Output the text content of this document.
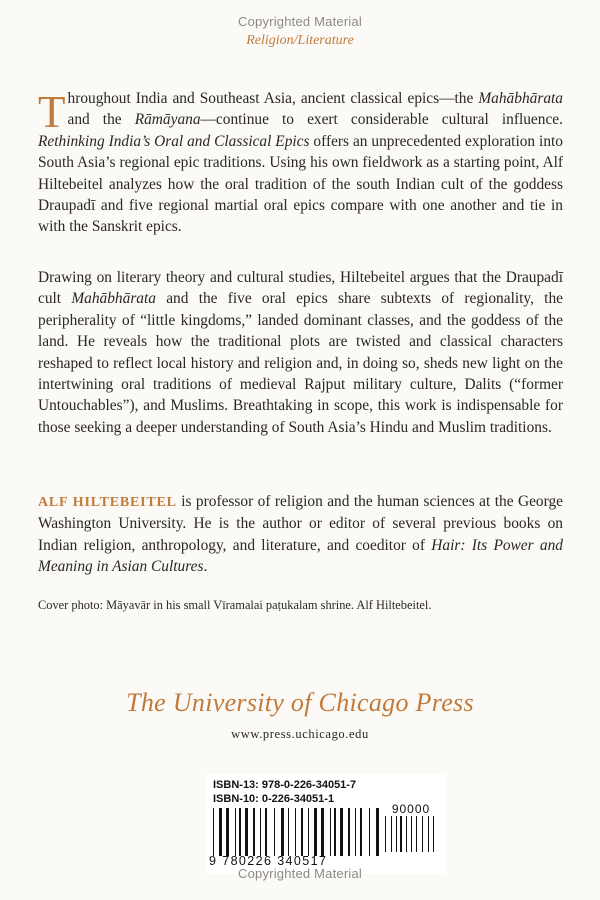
Copyrighted Material
Religion/Literature

Throughout India and Southeast Asia, ancient classical epics—the Mahābhārata and the Rāmāyana—continue to exert considerable cultural influence. Rethinking India’s Oral and Classical Epics offers an unprecedented exploration into South Asia’s regional epic traditions. Using his own fieldwork as a starting point, Alf Hiltebeitel analyzes how the oral tradition of the south Indian cult of the goddess Draupadī and five regional martial oral epics compare with one another and tie in with the Sanskrit epics.

Drawing on literary theory and cultural studies, Hiltebeitel argues that the Draupadī cult Mahābhārata and the five oral epics share subtexts of regionality, the peripherality of “little kingdoms,” landed dominant classes, and the goddess of the land. He reveals how the traditional plots are twisted and classical characters reshaped to reflect local history and religion and, in doing so, sheds new light on the intertwining oral traditions of medieval Rajput military culture, Dalits (“former Untouchables”), and Muslims. Breathtaking in scope, this work is indispensable for those seeking a deeper understanding of South Asia’s Hindu and Muslim traditions.

ALF HILTEBEITEL is professor of religion and the human sciences at the George Washington University. He is the author or editor of several previous books on Indian religion, anthropology, and literature, and coeditor of Hair: Its Power and Meaning in Asian Cultures.

Cover photo: Māyavār in his small Vīramalai paṭukalam shrine. Alf Hiltebeitel.
The University of Chicago Press
www.press.uchicago.edu
ISBN-13: 978-0-226-34051-7
ISBN-10: 0-226-34051-1
90000
9 780226 340517
Copyrighted Material
